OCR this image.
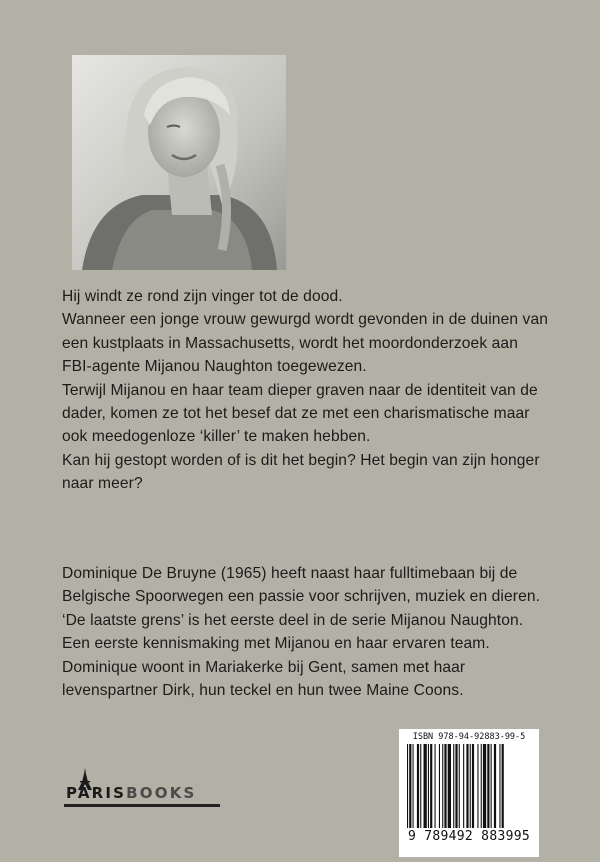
Hij windt ze rond zijn vinger tot de dood.

Wanneer een jonge vrouw gewurgd wordt gevonden in de duinen van

een kustplaats in Massachusetts, wordt het moordonderzoek aan

FBI-agente Mijanou Naughton toegewezen.

Terwijl Mijanou en haar team dieper graven naar de identiteit van de

dader, komen ze tot het besef dat ze met een charismatische maar

ook meedogenloze ‘killer’ te maken hebben.

Kan hij gestopt worden of is dit het begin? Het begin van zijn honger

naar meer?

Dominique De Bruyne (1965) heeft naast haar fulltimebaan bij de

Belgische Spoorwegen een passie voor schrijven, muziek en dieren.

‘De laatste grens’ is het eerste deel in de serie Mijanou Naughton.

Een eerste kennismaking met Mijanou en haar ervaren team.

Dominique woont in Mariakerke bij Gent, samen met haar

levenspartner Dirk, hun teckel en hun twee Maine Coons.

PARISBOOKS
ISBN 978-94-92883-99-5
9 789492 883995
